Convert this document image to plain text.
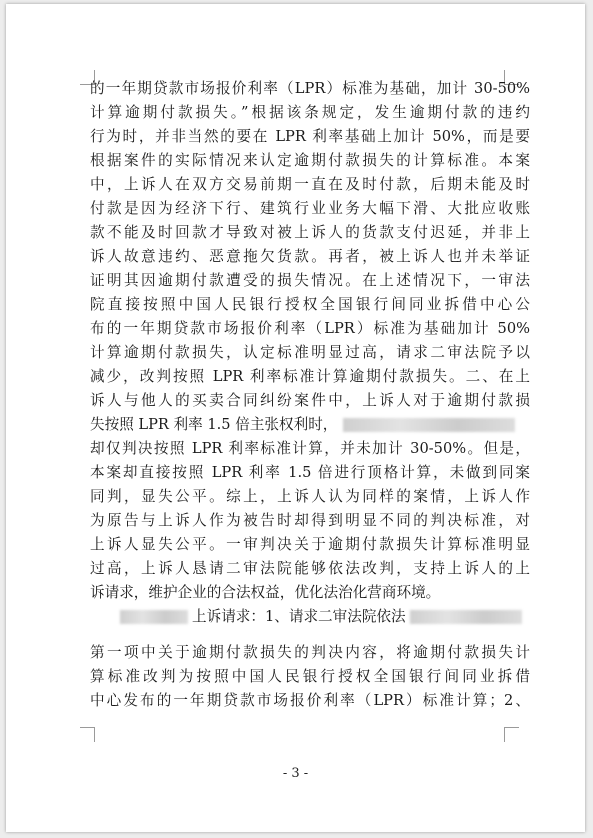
的一年期贷款市场报价利率（LPR）标准为基础，加计 30-50%
计算逾期付款损失。”根据该条规定，发生逾期付款的违约
行为时，并非当然的要在 LPR 利率基础上加计 50%，而是要
根据案件的实际情况来认定逾期付款损失的计算标准。本案
中，上诉人在双方交易前期一直在及时付款，后期未能及时
付款是因为经济下行、建筑行业业务大幅下滑、大批应收账
款不能及时回款才导致对被上诉人的货款支付迟延，并非上
诉人故意违约、恶意拖欠货款。再者，被上诉人也并未举证
证明其因逾期付款遭受的损失情况。在上述情况下，一审法
院直接按照中国人民银行授权全国银行间同业拆借中心公
布的一年期贷款市场报价利率（LPR）标准为基础加计 50%
计算逾期付款损失，认定标准明显过高，请求二审法院予以
减少，改判按照 LPR 利率标准计算逾期付款损失。二、在上
诉人与他人的买卖合同纠纷案件中，上诉人对于逾期付款损
失按照 LPR 利率 1.5 倍主张权利时，
却仅判决按照 LPR 利率标准计算，并未加计 30-50%。但是，
本案却直接按照 LPR 利率 1.5 倍进行顶格计算，未做到同案
同判，显失公平。综上，上诉人认为同样的案情，上诉人作
为原告与上诉人作为被告时却得到明显不同的判决标准，对
上诉人显失公平。一审判决关于逾期付款损失计算标准明显
过高，上诉人恳请二审法院能够依法改判，支持上诉人的上
诉请求，维护企业的合法权益，优化法治化营商环境。
上诉请求：1、请求二审法院依法
第一项中关于逾期付款损失的判决内容，将逾期付款损失计
算标准改判为按照中国人民银行授权全国银行间同业拆借
中心发布的一年期贷款市场报价利率（LPR）标准计算；2、
- 3 -
